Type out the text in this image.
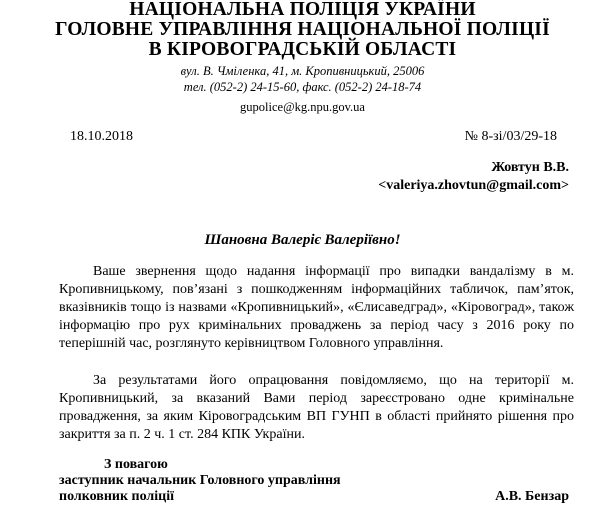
НАЦІОНАЛЬНА ПОЛІЦІЯ УКРАЇНИ
ГОЛОВНЕ УПРАВЛІННЯ НАЦІОНАЛЬНОЇ ПОЛІЦІЇ
В КІРОВОГРАДСЬКІЙ ОБЛАСТІ
вул. В. Чміленка, 41, м. Кропивницький, 25006
тел. (052-2) 24-15-60, факс. (052-2) 24-18-74
gupolice@kg.npu.gov.ua
18.10.2018	№ 8-зі/03/29-18
Жовтун В.В.
<valeriya.zhovtun@gmail.com>
Шановна Валеріє Валеріївно!
Ваше звернення щодо надання інформації про випадки вандалізму в м. Кропивницькому, пов’язані з пошкодженням інформаційних табличок, пам’яток, вказівників тощо із назвами «Кропивницький», «Єлисаведград», «Кіровоград», також інформацію про рух кримінальних проваджень за період часу з 2016 року по теперішній час, розглянуто керівництвом Головного управління.
За результатами його опрацювання повідомляємо, що на території м. Кропивницький, за вказаний Вами період зареєстровано одне кримінальне провадження, за яким Кіровоградським ВП ГУНП в області прийнято рішення про закриття за п. 2 ч. 1 ст. 284 КПК України.
З повагою
заступник начальник Головного управління
полковник поліції	А.В. Бензар
